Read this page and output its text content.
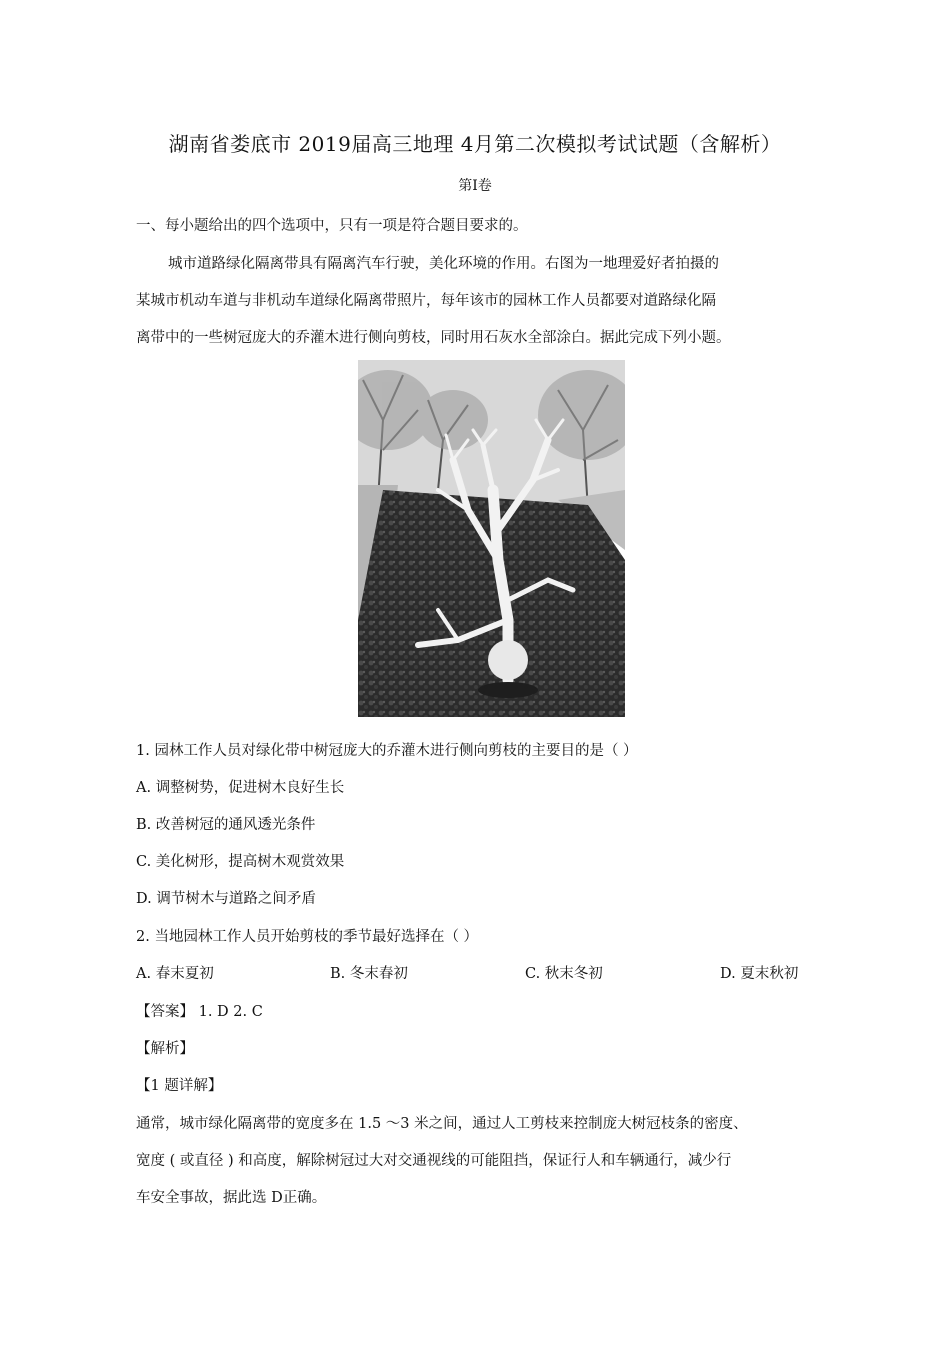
湖南省娄底市 2019届高三地理 4月第二次模拟考试试题（含解析）
第Ⅰ卷
一、每小题给出的四个选项中，只有一项是符合题目要求的。
城市道路绿化隔离带具有隔离汽车行驶，美化环境的作用。右图为一地理爱好者拍摄的
某城市机动车道与非机动车道绿化隔离带照片，每年该市的园林工作人员都要对道路绿化隔
离带中的一些树冠庞大的乔灌木进行侧向剪枝，同时用石灰水全部涂白。据此完成下列小题。
1. 园林工作人员对绿化带中树冠庞大的乔灌木进行侧向剪枝的主要目的是（ ）
A. 调整树势，促进树木良好生长
B. 改善树冠的通风透光条件
C. 美化树形，提高树木观赏效果
D. 调节树木与道路之间矛盾
2. 当地园林工作人员开始剪枝的季节最好选择在（ ）
A. 春末夏初	B. 冬末春初	C. 秋末冬初	D. 夏末秋初
【答案】 1. D 2. C
【解析】
【1 题详解】
通常，城市绿化隔离带的宽度多在 1.5 ～3 米之间，通过人工剪枝来控制庞大树冠枝条的密度、
宽度 ( 或直径 ) 和高度，解除树冠过大对交通视线的可能阻挡，保证行人和车辆通行，减少行
车安全事故，据此选 D正确。
